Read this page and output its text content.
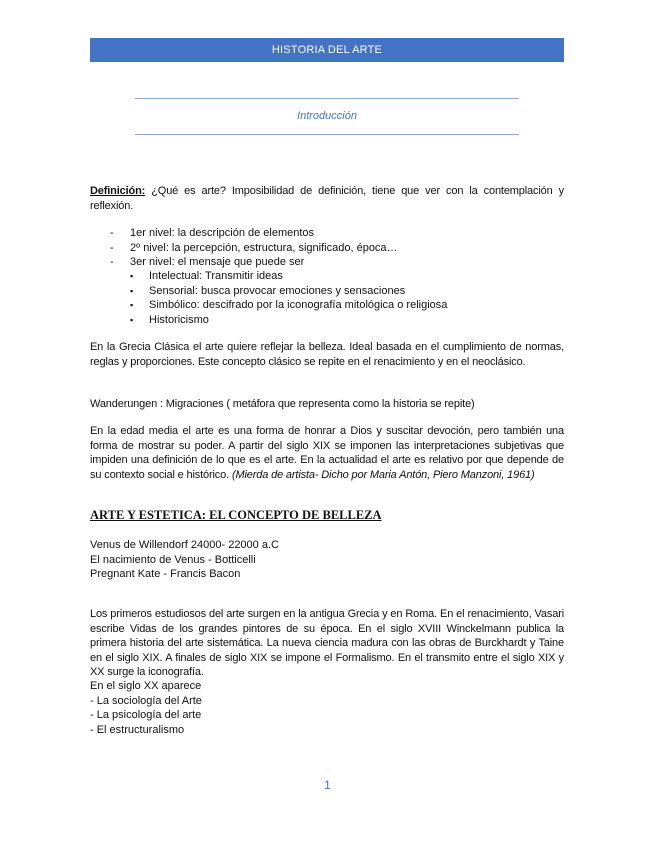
HISTORIA DEL ARTE
Introducción

Definición: ¿Qué es arte? Imposibilidad de definición, tiene que ver con la contemplación y reflexión.

- 1er nivel: la descripción de elementos
- 2º nivel: la percepción, estructura, significado, época…
- 3er nivel: el mensaje que puede ser
▪ Intelectual: Transmitir ideas
▪ Sensorial: busca provocar emociones y sensaciones
▪ Simbólico: descifrado por la iconografía mitológica o religiosa
▪ Historicismo

En la Grecia Clásica el arte quiere reflejar la belleza. Ideal basada en el cumplimiento de normas, reglas y proporciones. Este concepto clásico se repite en el renacimiento y en el neoclásico.

Wanderungen : Migraciones ( metáfora que representa como la historia se repite)

En la edad media el arte es una forma de honrar a Dios y suscitar devoción, pero también una forma de mostrar su poder. A partir del siglo XIX se imponen las interpretaciones subjetivas que impiden una definición de lo que es el arte. En la actualidad el arte es relativo por que depende de su contexto social e histórico. (Mierda de artista- Dicho por Maria Antón, Piero Manzoni, 1961)

ARTE Y ESTETICA: EL CONCEPTO DE BELLEZA
Venus de Willendorf 24000- 22000 a.C
El nacimiento de Venus - Botticelli
Pregnant Kate - Francis Bacon

Los primeros estudiosos del arte surgen en la antigua Grecia y en Roma. En el renacimiento, Vasari escribe Vidas de los grandes pintores de su época. En el siglo XVIII Winckelmann publica la primera historia del arte sistemática. La nueva ciencia madura con las obras de Burckhardt y Taine en el siglo XIX. A finales de siglo XIX se impone el Formalismo. En el transmito entre el siglo XIX y XX surge la iconografía.

En el siglo XX aparece
- La sociología del Arte
- La psicología del arte
- El estructuralismo
1
